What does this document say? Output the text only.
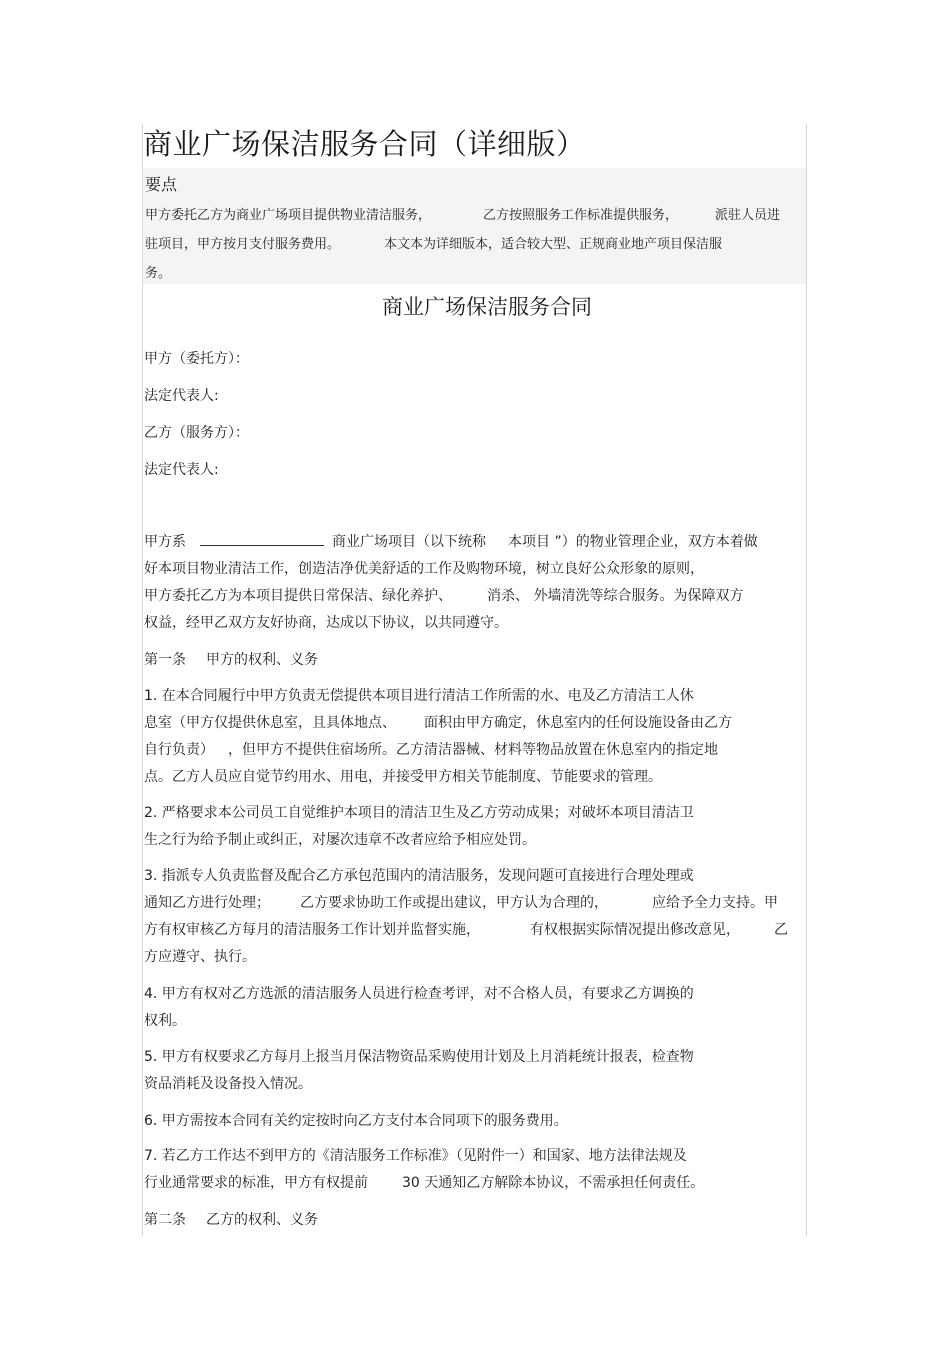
商业广场保洁服务合同（详细版）
要点
甲方委托乙方为商业广场项目提供物业清洁服务，	乙方按照服务工作标准提供服务，	派驻人员进
驻项目，甲方按月支付服务费用。	本文本为详细版本，适合较大型、正规商业地产项目保洁服
务。
商业广场保洁服务合同
甲方（委托方）：
法定代表人:
乙方（服务方）：
法定代表人:
甲方系	商业广场项目（以下统称 本项目 ”）的物业管理企业，双方本着做
好本项目物业清洁工作，创造洁净优美舒适的工作及购物环境，树立良好公众形象的原则，
甲方委托乙方为本项目提供日常保洁、绿化养护、	消杀、 外墙清洗等综合服务。为保障双方
权益，经甲乙双方友好协商，达成以下协议，以共同遵守。
第一条 甲方的权利、义务
1. 在本合同履行中甲方负责无偿提供本项目进行清洁工作所需的水、电及乙方清洁工人休
息室（甲方仅提供休息室，且具体地点、 面积由甲方确定，休息室内的任何设施设备由乙方
自行负责） ，但甲方不提供住宿场所。乙方清洁器械、材料等物品放置在休息室内的指定地
点。乙方人员应自觉节约用水、用电，并接受甲方相关节能制度、节能要求的管理。
2. 严格要求本公司员工自觉维护本项目的清洁卫生及乙方劳动成果；对破坏本项目清洁卫
生之行为给予制止或纠正，对屡次违章不改者应给予相应处罚。
3. 指派专人负责监督及配合乙方承包范围内的清洁服务，发现问题可直接进行合理处理或
通知乙方进行处理； 乙方要求协助工作或提出建议，甲方认为合理的，	应给予全力支持。甲
方有权审核乙方每月的清洁服务工作计划并监督实施，	有权根据实际情况提出修改意见， 乙
方应遵守、执行。
4. 甲方有权对乙方选派的清洁服务人员进行检查考评，对不合格人员，有要求乙方调换的
权利。
5. 甲方有权要求乙方每月上报当月保洁物资品采购使用计划及上月消耗统计报表，检查物
资品消耗及设备投入情况。
6. 甲方需按本合同有关约定按时向乙方支付本合同项下的服务费用。
7. 若乙方工作达不到甲方的《清洁服务工作标准》（见附件一）和国家、地方法律法规及
行业通常要求的标准，甲方有权提前 30 天通知乙方解除本协议，不需承担任何责任。
第二条 乙方的权利、义务
